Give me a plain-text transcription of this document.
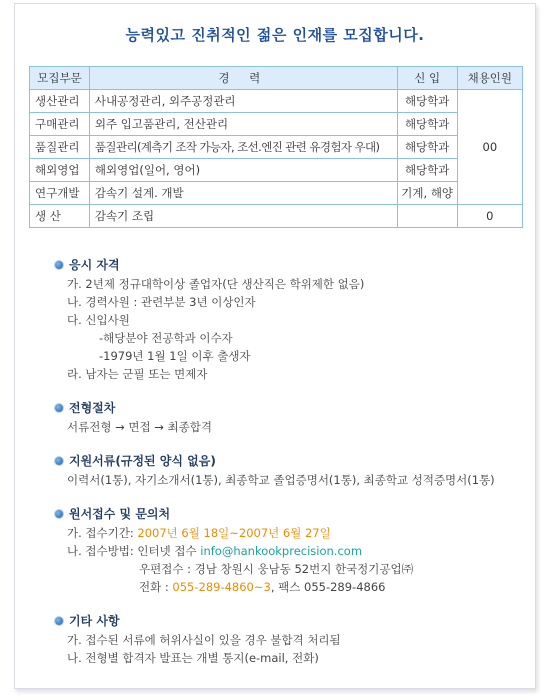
능력있고 진취적인 젊은 인재를 모집합니다.
모집부문	경 력	신 입	채용인원
생산관리	사내공정관리, 외주공정관리	해당학과	00
구매관리	외주 입고품관리, 전산관리	해당학과	
품질관리	품질관리(계측기 조작 가능자, 조선.엔진 관련 유경험자 우대)	해당학과	
해외영업	해외영업(일어, 영어)	해당학과	
연구개발	감속기 설계. 개발	기계, 해양	
생 산	감속기 조립		0
응시 자격
가. 2년제 정규대학이상 졸업자(단 생산직은 학위제한 없음)
나. 경력사원 : 관련부분 3년 이상인자
다. 신입사원
-해당분야 전공학과 이수자
-1979년 1월 1일 이후 출생자
라. 남자는 군필 또는 면제자
전형절차
서류전형 → 면접 → 최종합격
지원서류(규정된 양식 없음)
이력서(1통), 자기소개서(1통), 최종학교 졸업증명서(1통), 최종학교 성적증명서(1통)
원서접수 및 문의처
가. 접수기간: 2007년 6월 18일~2007년 6월 27일
나. 접수방법: 인터넷 접수 info@hankookprecision.com
우편접수 : 경남 창원시 웅남동 52번지 한국정기공업㈜
전화 : 055-289-4860~3, 팩스 055-289-4866
기타 사항
가. 접수된 서류에 허위사실이 있을 경우 불합격 처리됨
나. 전형별 합격자 발표는 개별 통지(e-mail, 전화)
